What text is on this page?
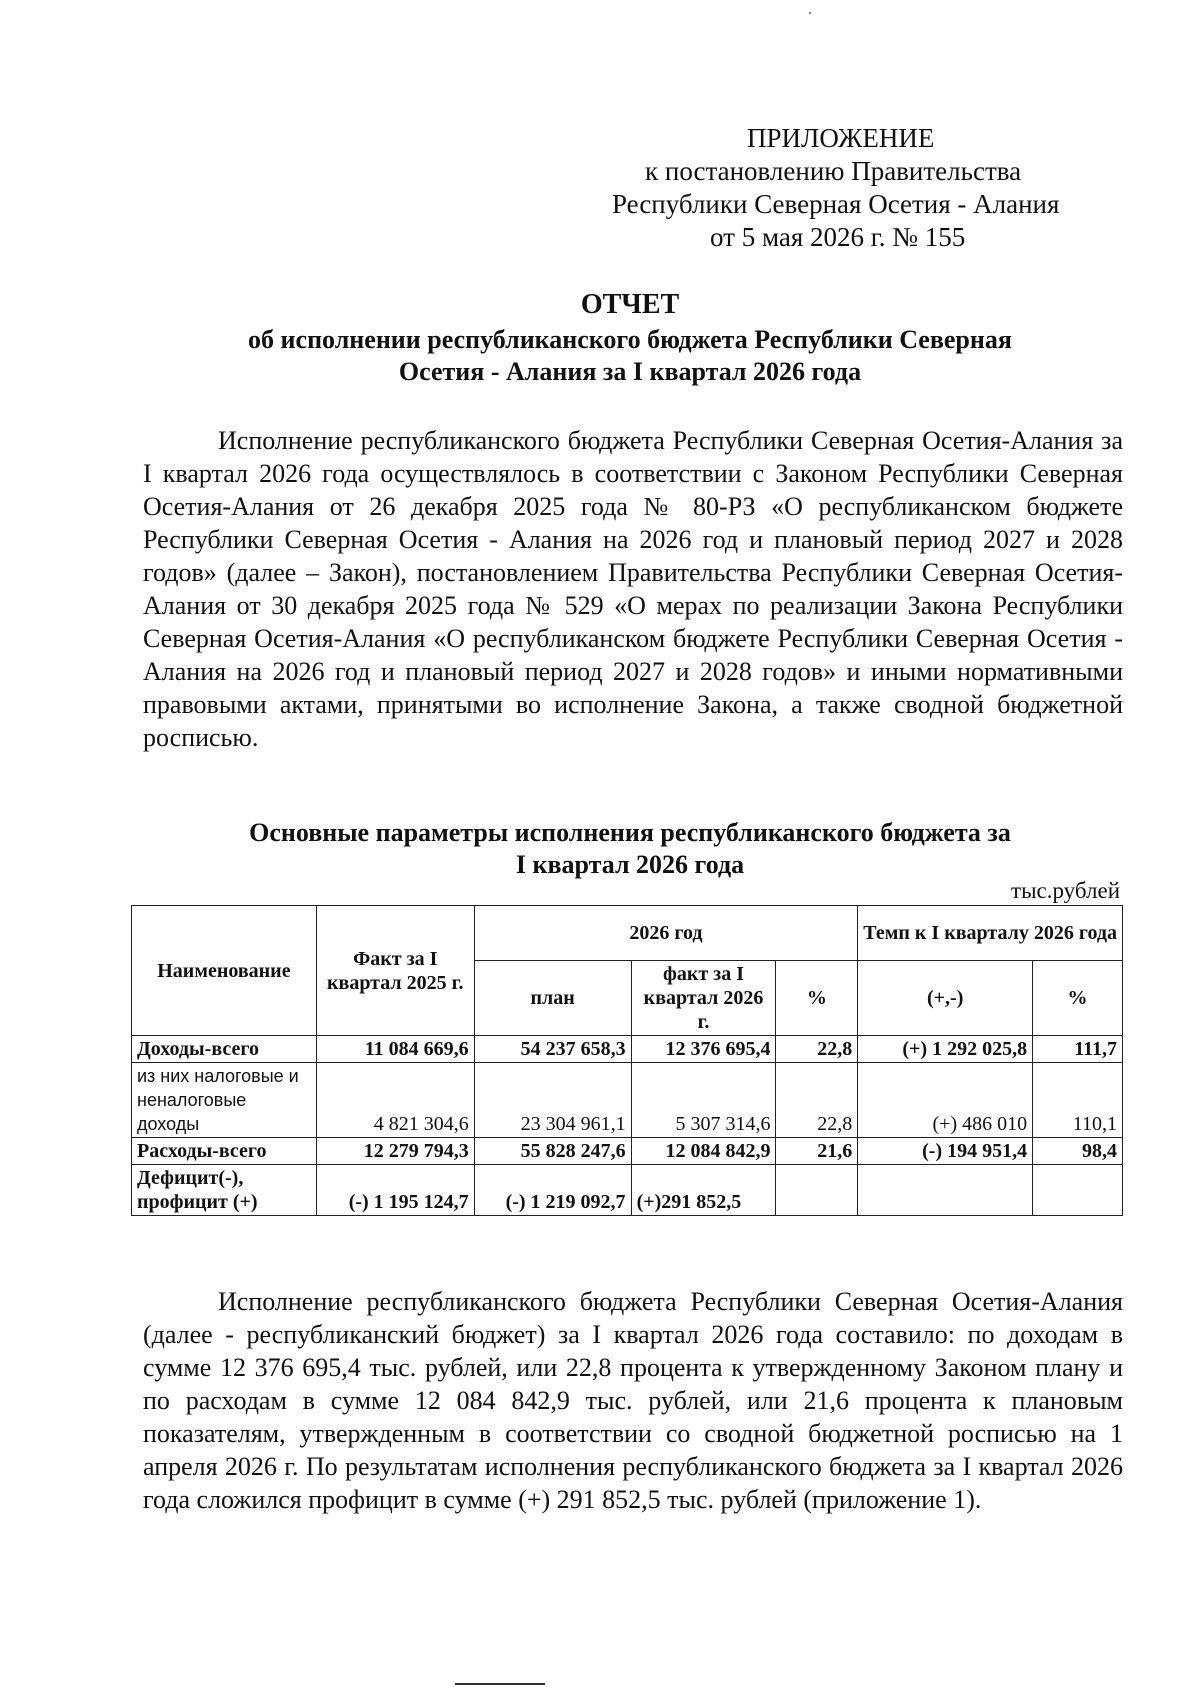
ПРИЛОЖЕНИЕ
к постановлению Правительства
Республики Северная Осетия - Алания
от 5 мая 2026 г. № 155
ОТЧЕТ
об исполнении республиканского бюджета Республики Северная
Осетия - Алания за I квартал 2026 года

Исполнение республиканского бюджета Республики Северная Осетия-Алания за I квартал 2026 года осуществлялось в соответствии с Законом Республики Северная Осетия-Алания от 26 декабря 2025 года № 80-РЗ «О республиканском бюджете Республики Северная Осетия - Алания на 2026 год и плановый период 2027 и 2028 годов» (далее – Закон), постановлением Правительства Республики Северная Осетия-Алания от 30 декабря 2025 года № 529 «О мерах по реализации Закона Республики Северная Осетия-Алания «О республиканском бюджете Республики Северная Осетия - Алания на 2026 год и плановый период 2027 и 2028 годов» и иными нормативными правовыми актами, принятыми во исполнение Закона, а также сводной бюджетной росписью.

Основные параметры исполнения республиканского бюджета за
I квартал 2026 года
тыс.рублей
Наименование	Факт за I квартал 2025 г.	2026 год			Темп к I кварталу 2026 года	
		план	факт за I квартал 2026 г.	%	(+,-)	%
Доходы-всего	11 084 669,6	54 237 658,3	12 376 695,4	22,8	(+) 1 292 025,8	111,7
из них налоговые и неналоговые доходы	4 821 304,6	23 304 961,1	5 307 314,6	22,8	(+) 486 010	110,1
Расходы-всего	12 279 794,3	55 828 247,6	12 084 842,9	21,6	(-) 194 951,4	98,4
Дефицит(-), профицит (+)	(-) 1 195 124,7	(-) 1 219 092,7	(+)291 852,5			

Исполнение республиканского бюджета Республики Северная Осетия-Алания (далее - республиканский бюджет) за I квартал 2026 года составило: по доходам в сумме 12 376 695,4 тыс. рублей, или 22,8 процента к утвержденному Законом плану и по расходам в сумме 12 084 842,9 тыс. рублей, или 21,6 процента к плановым показателям, утвержденным в соответствии со сводной бюджетной росписью на 1 апреля 2026 г. По результатам исполнения республиканского бюджета за I квартал 2026 года сложился профицит в сумме (+) 291 852,5 тыс. рублей (приложение 1).
